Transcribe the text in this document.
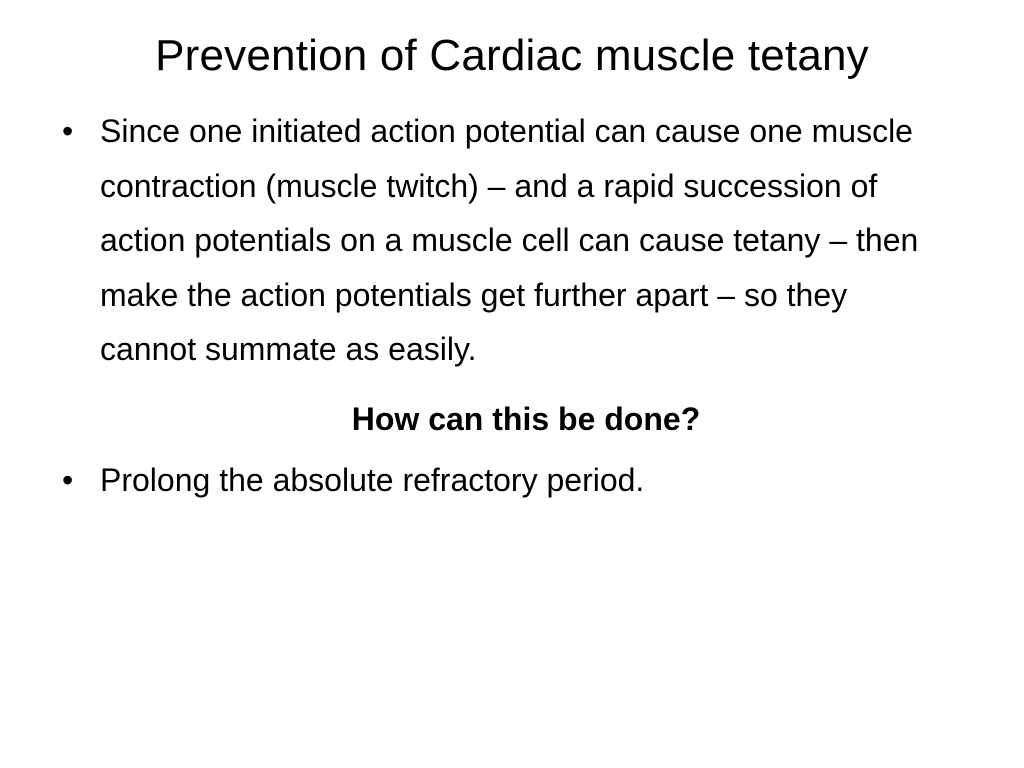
Prevention of Cardiac muscle tetany

• Since one initiated action potential can cause one muscle contraction (muscle twitch) – and a rapid succession of action potentials on a muscle cell can cause tetany – then make the action potentials get further apart – so they cannot summate as easily.

How can this be done?

• Prolong the absolute refractory period.
